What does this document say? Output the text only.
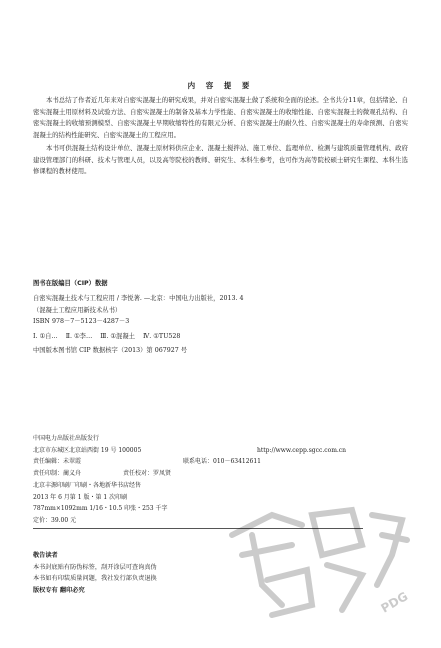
内 容 提 要

本书总结了作者近几年来对自密实混凝土的研究成果，并对自密实混凝土做了系统和全面的论述。全书共分11章，包括绪论、自密实混凝土用原材料及试验方法、自密实混凝土的制备及基本力学性能、自密实混凝土的收缩性能、自密实混凝土的微观孔结构、自密实混凝土的收缩预测模型、自密实混凝土早期收缩特性的有限元分析、自密实混凝土的耐久性、自密实混凝土的寿命预测、自密实混凝土的结构性能研究、自密实混凝土的工程应用。

本书可供混凝土结构设计单位、混凝土原材料供应企业、混凝土搅拌站、施工单位、监理单位、检测与建筑质量管理机构、政府建设管理部门的科研、技术与管理人员，以及高等院校的教师、研究生、本科生参考，也可作为高等院校硕士研究生课程、本科生选修课程的教材使用。

图书在版编目（CIP）数据
自密实混凝土技术与工程应用 / 李悦著. —北京：中国电力出版社，2013. 4
（混凝土工程应用新技术丛书）
ISBN 978－7－5123－4287－3
Ⅰ. ①自… Ⅱ. ①李… Ⅲ. ①混凝土 Ⅳ. ①TU528
中国版本图书馆 CIP 数据核字（2013）第 067927 号
中国电力出版社出版发行
北京市东城区北京站西街 19 号 100005	http://www.cepp.sgcc.com.cn
责任编辑：未翠霞	联系电话：010－63412611
责任印制：蔺义舟	责任校对：罗凤贤
北京丰源印刷厂印刷・各地新华书店经售
2013 年 6 月第 1 版・第 1 次印刷
787mm×1092mm 1/16・10.5 印张・253 千字
定价：39.00 元
敬告读者
本书封底贴有防伪标签，刮开涂层可查询真伪
本书如有印装质量问题，我社发行部负责退换
版权专有 翻印必究	PDG
